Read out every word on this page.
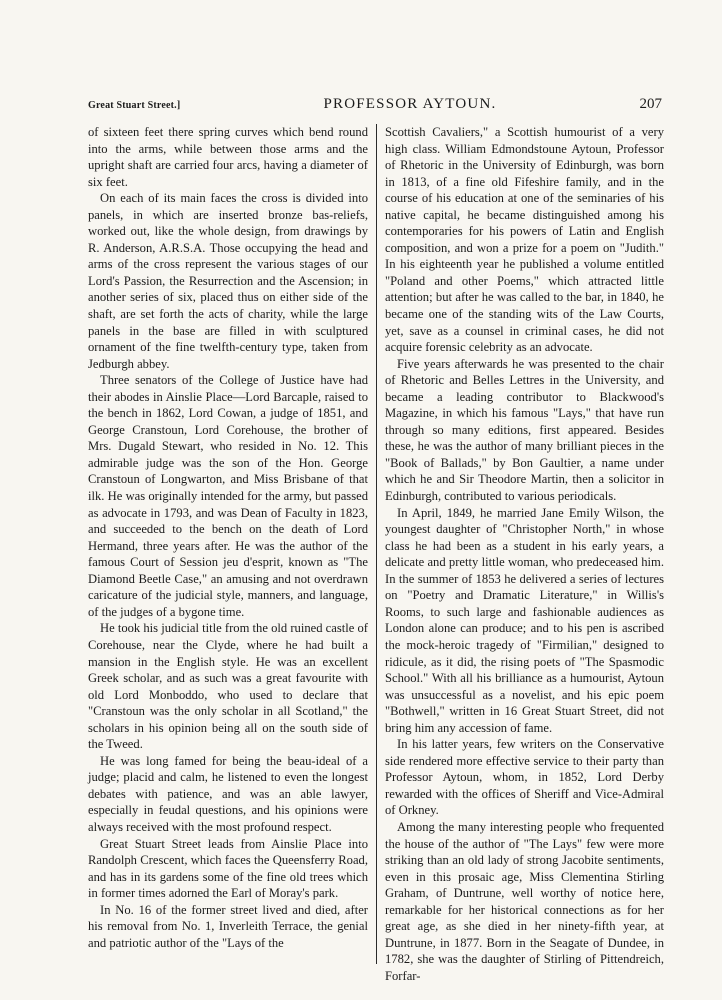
Great Stuart Street.]	PROFESSOR AYTOUN.	207

of sixteen feet there spring curves which bend round into the arms, while between those arms and the upright shaft are carried four arcs, having a diameter of six feet.

On each of its main faces the cross is divided into panels, in which are inserted bronze bas-reliefs, worked out, like the whole design, from drawings by R. Anderson, A.R.S.A. Those occupying the head and arms of the cross represent the various stages of our Lord's Passion, the Resurrection and the Ascension; in another series of six, placed thus on either side of the shaft, are set forth the acts of charity, while the large panels in the base are filled in with sculptured ornament of the fine twelfth-century type, taken from Jedburgh abbey.

Three senators of the College of Justice have had their abodes in Ainslie Place—Lord Barcaple, raised to the bench in 1862, Lord Cowan, a judge of 1851, and George Cranstoun, Lord Corehouse, the brother of Mrs. Dugald Stewart, who resided in No. 12. This admirable judge was the son of the Hon. George Cranstoun of Longwarton, and Miss Brisbane of that ilk. He was originally intended for the army, but passed as advocate in 1793, and was Dean of Faculty in 1823, and succeeded to the bench on the death of Lord Hermand, three years after. He was the author of the famous Court of Session jeu d'esprit, known as "The Diamond Beetle Case," an amusing and not overdrawn caricature of the judicial style, manners, and language, of the judges of a bygone time.

He took his judicial title from the old ruined castle of Corehouse, near the Clyde, where he had built a mansion in the English style. He was an excellent Greek scholar, and as such was a great favourite with old Lord Monboddo, who used to declare that "Cranstoun was the only scholar in all Scotland," the scholars in his opinion being all on the south side of the Tweed.

He was long famed for being the beau-ideal of a judge; placid and calm, he listened to even the longest debates with patience, and was an able lawyer, especially in feudal questions, and his opinions were always received with the most profound respect.

Great Stuart Street leads from Ainslie Place into Randolph Crescent, which faces the Queensferry Road, and has in its gardens some of the fine old trees which in former times adorned the Earl of Moray's park.

In No. 16 of the former street lived and died, after his removal from No. 1, Inverleith Terrace, the genial and patriotic author of the "Lays of the

Scottish Cavaliers," a Scottish humourist of a very high class. William Edmondstoune Aytoun, Professor of Rhetoric in the University of Edinburgh, was born in 1813, of a fine old Fifeshire family, and in the course of his education at one of the seminaries of his native capital, he became distinguished among his contemporaries for his powers of Latin and English composition, and won a prize for a poem on "Judith." In his eighteenth year he published a volume entitled "Poland and other Poems," which attracted little attention; but after he was called to the bar, in 1840, he became one of the standing wits of the Law Courts, yet, save as a counsel in criminal cases, he did not acquire forensic celebrity as an advocate.

Five years afterwards he was presented to the chair of Rhetoric and Belles Lettres in the University, and became a leading contributor to Blackwood's Magazine, in which his famous "Lays," that have run through so many editions, first appeared. Besides these, he was the author of many brilliant pieces in the "Book of Ballads," by Bon Gaultier, a name under which he and Sir Theodore Martin, then a solicitor in Edinburgh, contributed to various periodicals.

In April, 1849, he married Jane Emily Wilson, the youngest daughter of "Christopher North," in whose class he had been as a student in his early years, a delicate and pretty little woman, who predeceased him. In the summer of 1853 he delivered a series of lectures on "Poetry and Dramatic Literature," in Willis's Rooms, to such large and fashionable audiences as London alone can produce; and to his pen is ascribed the mock-heroic tragedy of "Firmilian," designed to ridicule, as it did, the rising poets of "The Spasmodic School." With all his brilliance as a humourist, Aytoun was unsuccessful as a novelist, and his epic poem "Bothwell," written in 16 Great Stuart Street, did not bring him any accession of fame.

In his latter years, few writers on the Conservative side rendered more effective service to their party than Professor Aytoun, whom, in 1852, Lord Derby rewarded with the offices of Sheriff and Vice-Admiral of Orkney.

Among the many interesting people who frequented the house of the author of "The Lays" few were more striking than an old lady of strong Jacobite sentiments, even in this prosaic age, Miss Clementina Stirling Graham, of Duntrune, well worthy of notice here, remarkable for her historical connections as for her great age, as she died in her ninety-fifth year, at Duntrune, in 1877. Born in the Seagate of Dundee, in 1782, she was the daughter of Stirling of Pittendreich, Forfar-
